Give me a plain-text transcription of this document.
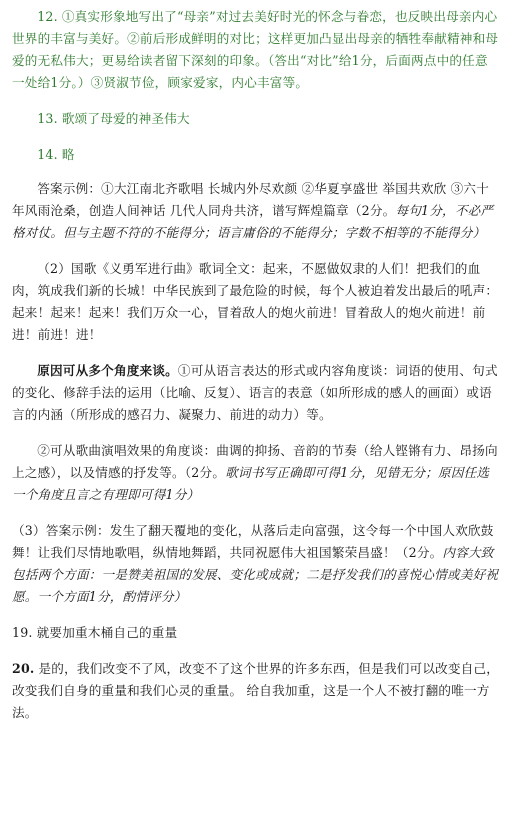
12. ①真实形象地写出了“母亲”对过去美好时光的怀念与眷恋，也反映出母亲内心世界的丰富与美好。②前后形成鲜明的对比；这样更加凸显出母亲的牺牲奉献精神和母爱的无私伟大；更易给读者留下深刻的印象。（答出“对比”给1分，后面两点中的任意一处给1分。）③贤淑节俭，顾家爱家，内心丰富等。

13. 歌颂了母爱的神圣伟大

14. 略

答案示例：①大江南北齐歌唱 长城内外尽欢颜 ②华夏享盛世 举国共欢欣 ③六十年风雨沧桑，创造人间神话 几代人同舟共济，谱写辉煌篇章（2分。每句1分，不必严格对仗。但与主题不符的不能得分；语言庸俗的不能得分；字数不相等的不能得分）

（2）国歌《义勇军进行曲》歌词全文：起来，不愿做奴隶的人们！把我们的血肉，筑成我们新的长城！中华民族到了最危险的时候，每个人被迫着发出最后的吼声：起来！起来！起来！我们万众一心，冒着敌人的炮火前进！冒着敌人的炮火前进！前进！前进！进！

原因可从多个角度来谈。①可从语言表达的形式或内容角度谈：词语的使用、句式的变化、修辞手法的运用（比喻、反复）、语言的表意（如所形成的感人的画面）或语言的内涵（所形成的感召力、凝聚力、前进的动力）等。

②可从歌曲演唱效果的角度谈：曲调的抑扬、音韵的节奏（给人铿锵有力、昂扬向上之感），以及情感的抒发等。（2分。歌词书写正确即可得1分，见错无分；原因任选一个角度且言之有理即可得1分）

（3）答案示例：发生了翻天覆地的变化，从落后走向富强，这令每一个中国人欢欣鼓舞！让我们尽情地歌唱，纵情地舞蹈，共同祝愿伟大祖国繁荣昌盛！（2分。内容大致包括两个方面：一是赞美祖国的发展、变化或成就；二是抒发我们的喜悦心情或美好祝愿。一个方面1分，酌情评分）

19. 就要加重木桶自己的重量

20. 是的，我们改变不了风，改变不了这个世界的许多东西，但是我们可以改变自己，改变我们自身的重量和我们心灵的重量。 给自我加重，这是一个人不被打翻的唯一方法。
